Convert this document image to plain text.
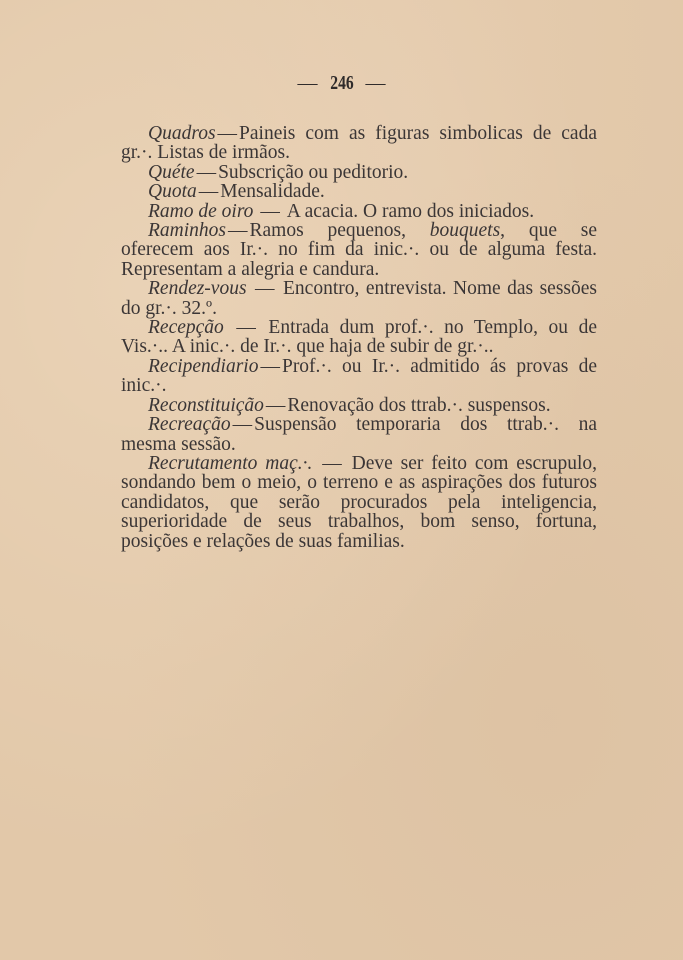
— 246 —

Quadros — Paineis com as figuras simbolicas de cada gr.·. Listas de irmãos.

Quéte — Subscrição ou peditorio.

Quota — Mensalidade.

Ramo de oiro — A acacia. O ramo dos iniciados.

Raminhos — Ramos pequenos, bouquets, que se oferecem aos Ir.·. no fim da inic.·. ou de alguma festa. Representam a alegria e candura.

Rendez-vous — Encontro, entrevista. Nome das sessões do gr.·. 32.º.

Recepção — Entrada dum prof.·. no Templo, ou de Vis.·.. A inic.·. de Ir.·. que haja de subir de gr.·..

Recipendiario — Prof.·. ou Ir.·. admitido ás provas de inic.·.

Reconstituição — Renovação dos ttrab.·. suspensos.

Recreação — Suspensão temporaria dos ttrab.·. na mesma sessão.

Recrutamento maç.·. — Deve ser feito com escrupulo, sondando bem o meio, o terreno e as aspirações dos futuros candidatos, que serão procurados pela inteligencia, superioridade de seus trabalhos, bom senso, fortuna, posições e relações de suas familias.
